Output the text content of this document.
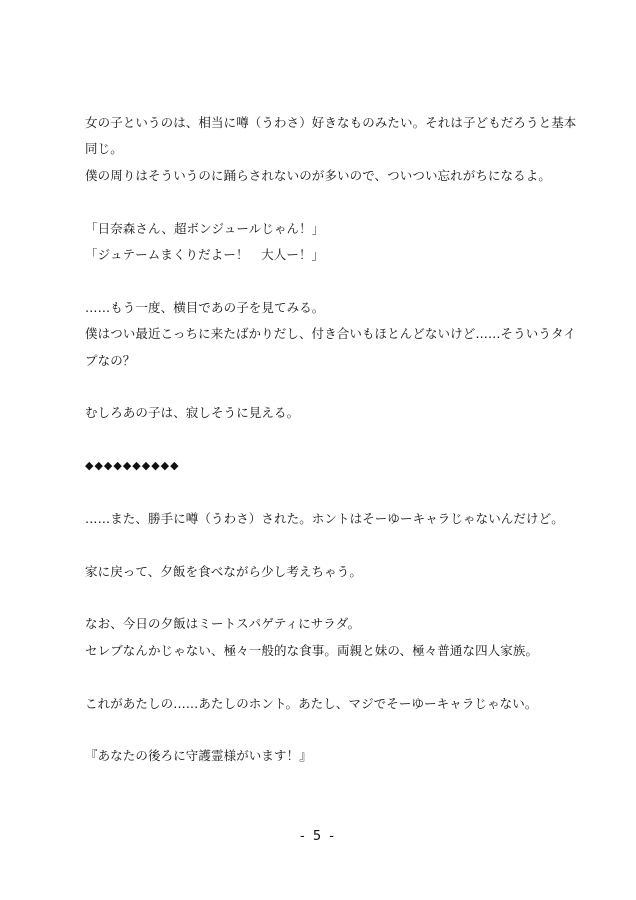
女の子というのは、相当に噂（うわさ）好きなものみたい。それは子どもだろうと基本
同じ。
僕の周りはそういうのに踊らされないのが多いので、ついつい忘れがちになるよ。
「日奈森さん、超ボンジュールじゃん！」
「ジュテームまくりだよー！　大人ー！」
……もう一度、横目であの子を見てみる。
僕はつい最近こっちに来たばかりだし、付き合いもほとんどないけど……そういうタイ
プなの？
むしろあの子は、寂しそうに見える。
◆◆◆◆◆◆◆◆◆◆
……また、勝手に噂（うわさ）された。ホントはそーゆーキャラじゃないんだけど。
家に戻って、夕飯を食べながら少し考えちゃう。
なお、今日の夕飯はミートスパゲティにサラダ。
セレブなんかじゃない、極々一般的な食事。両親と妹の、極々普通な四人家族。
これがあたしの……あたしのホント。あたし、マジでそーゆーキャラじゃない。
『あなたの後ろに守護霊様がいます！』
- 5 -
